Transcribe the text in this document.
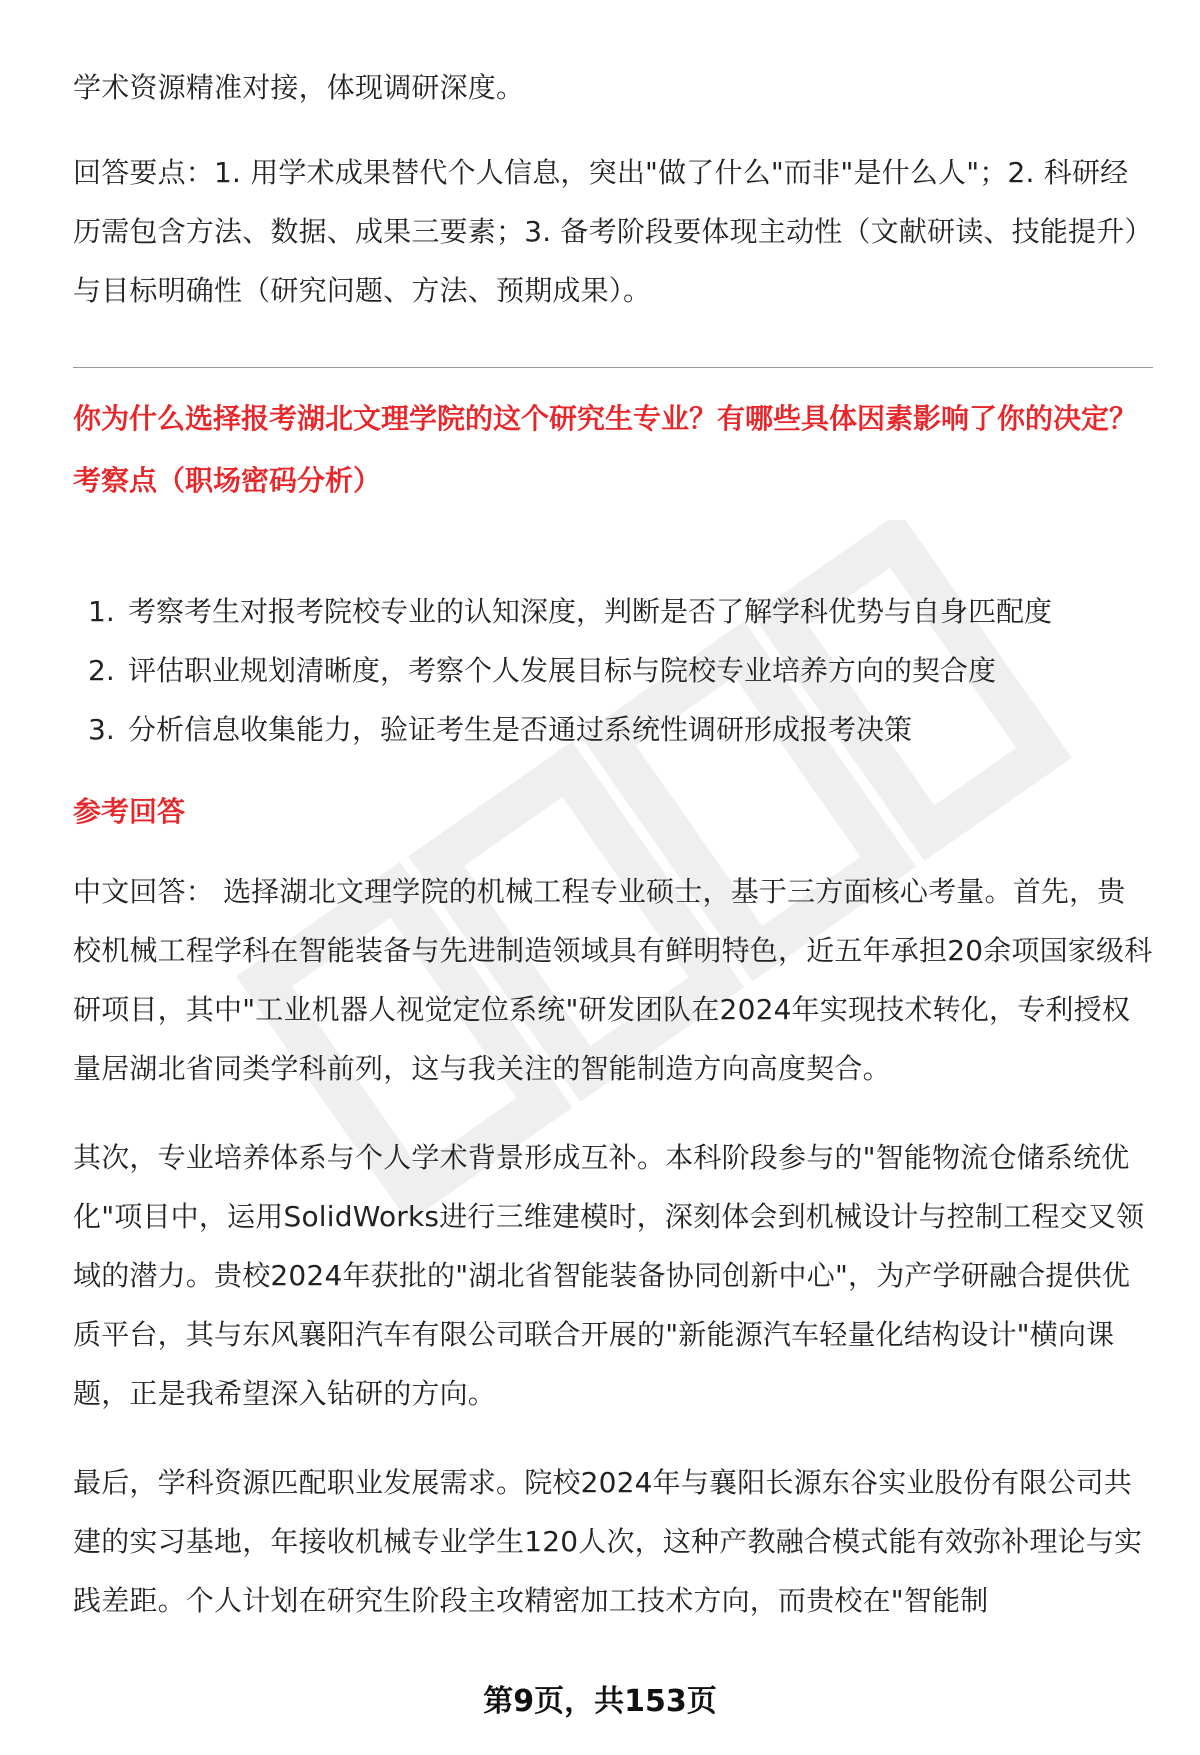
学术资源精准对接，体现调研深度。

回答要点：1. 用学术成果替代个人信息，突出"做了什么"而非"是什么人"；2. 科研经历需包含方法、数据、成果三要素；3. 备考阶段要体现主动性（文献研读、技能提升）与目标明确性（研究问题、方法、预期成果）。

你为什么选择报考湖北文理学院的这个研究生专业？有哪些具体因素影响了你的决定？

考察点（职场密码分析）

1. 考察考生对报考院校专业的认知深度，判断是否了解学科优势与自身匹配度
2. 评估职业规划清晰度，考察个人发展目标与院校专业培养方向的契合度
3. 分析信息收集能力，验证考生是否通过系统性调研形成报考决策

参考回答

中文回答： 选择湖北文理学院的机械工程专业硕士，基于三方面核心考量。首先，贵校机械工程学科在智能装备与先进制造领域具有鲜明特色，近五年承担20余项国家级科研项目，其中"工业机器人视觉定位系统"研发团队在2024年实现技术转化，专利授权量居湖北省同类学科前列，这与我关注的智能制造方向高度契合。

其次，专业培养体系与个人学术背景形成互补。本科阶段参与的"智能物流仓储系统优化"项目中，运用SolidWorks进行三维建模时，深刻体会到机械设计与控制工程交叉领域的潜力。贵校2024年获批的"湖北省智能装备协同创新中心"，为产学研融合提供优质平台，其与东风襄阳汽车有限公司联合开展的"新能源汽车轻量化结构设计"横向课题，正是我希望深入钻研的方向。

最后，学科资源匹配职业发展需求。院校2024年与襄阳长源东谷实业股份有限公司共建的实习基地，年接收机械专业学生120人次，这种产教融合模式能有效弥补理论与实践差距。个人计划在研究生阶段主攻精密加工技术方向，而贵校在"智能制

第9页，共153页
